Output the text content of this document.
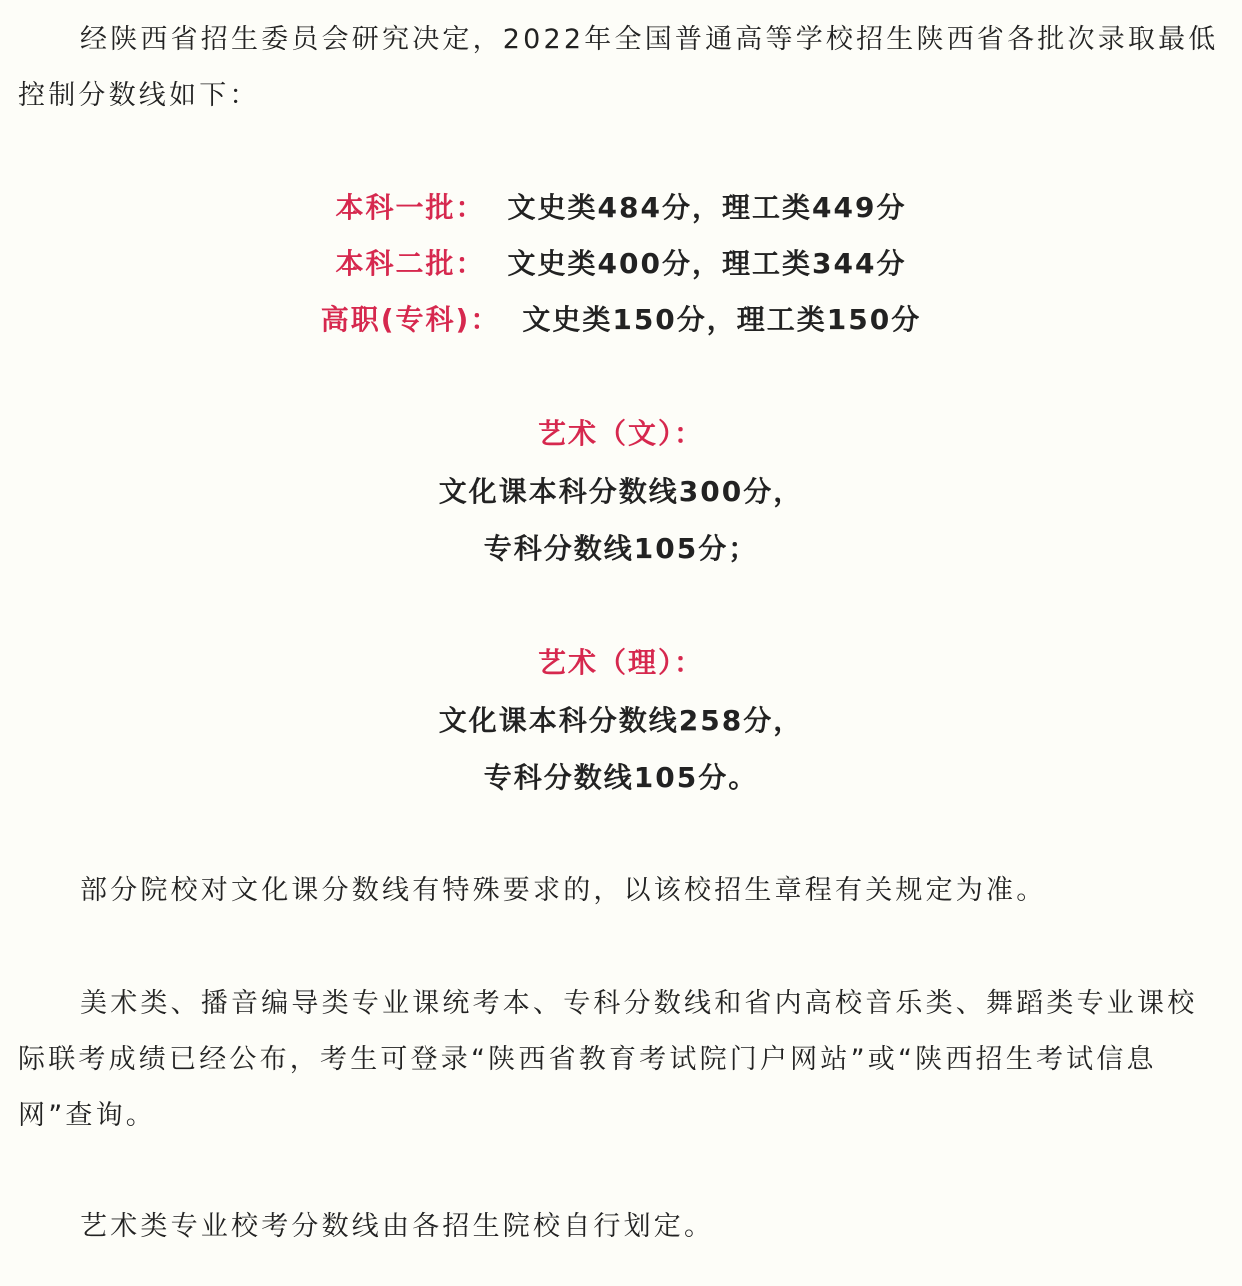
经陕西省招生委员会研究决定，2022年全国普通高等学校招生陕西省各批次录取最低控制分数线如下：

本科一批： 文史类484分，理工类449分
本科二批： 文史类400分，理工类344分
高职(专科)： 文史类150分，理工类150分
艺术（文）：
文化课本科分数线300分，
专科分数线105分；
艺术（理）：
文化课本科分数线258分，
专科分数线105分。

部分院校对文化课分数线有特殊要求的，以该校招生章程有关规定为准。

美术类、播音编导类专业课统考本、专科分数线和省内高校音乐类、舞蹈类专业课校际联考成绩已经公布，考生可登录“陕西省教育考试院门户网站”或“陕西招生考试信息网”查询。

艺术类专业校考分数线由各招生院校自行划定。
